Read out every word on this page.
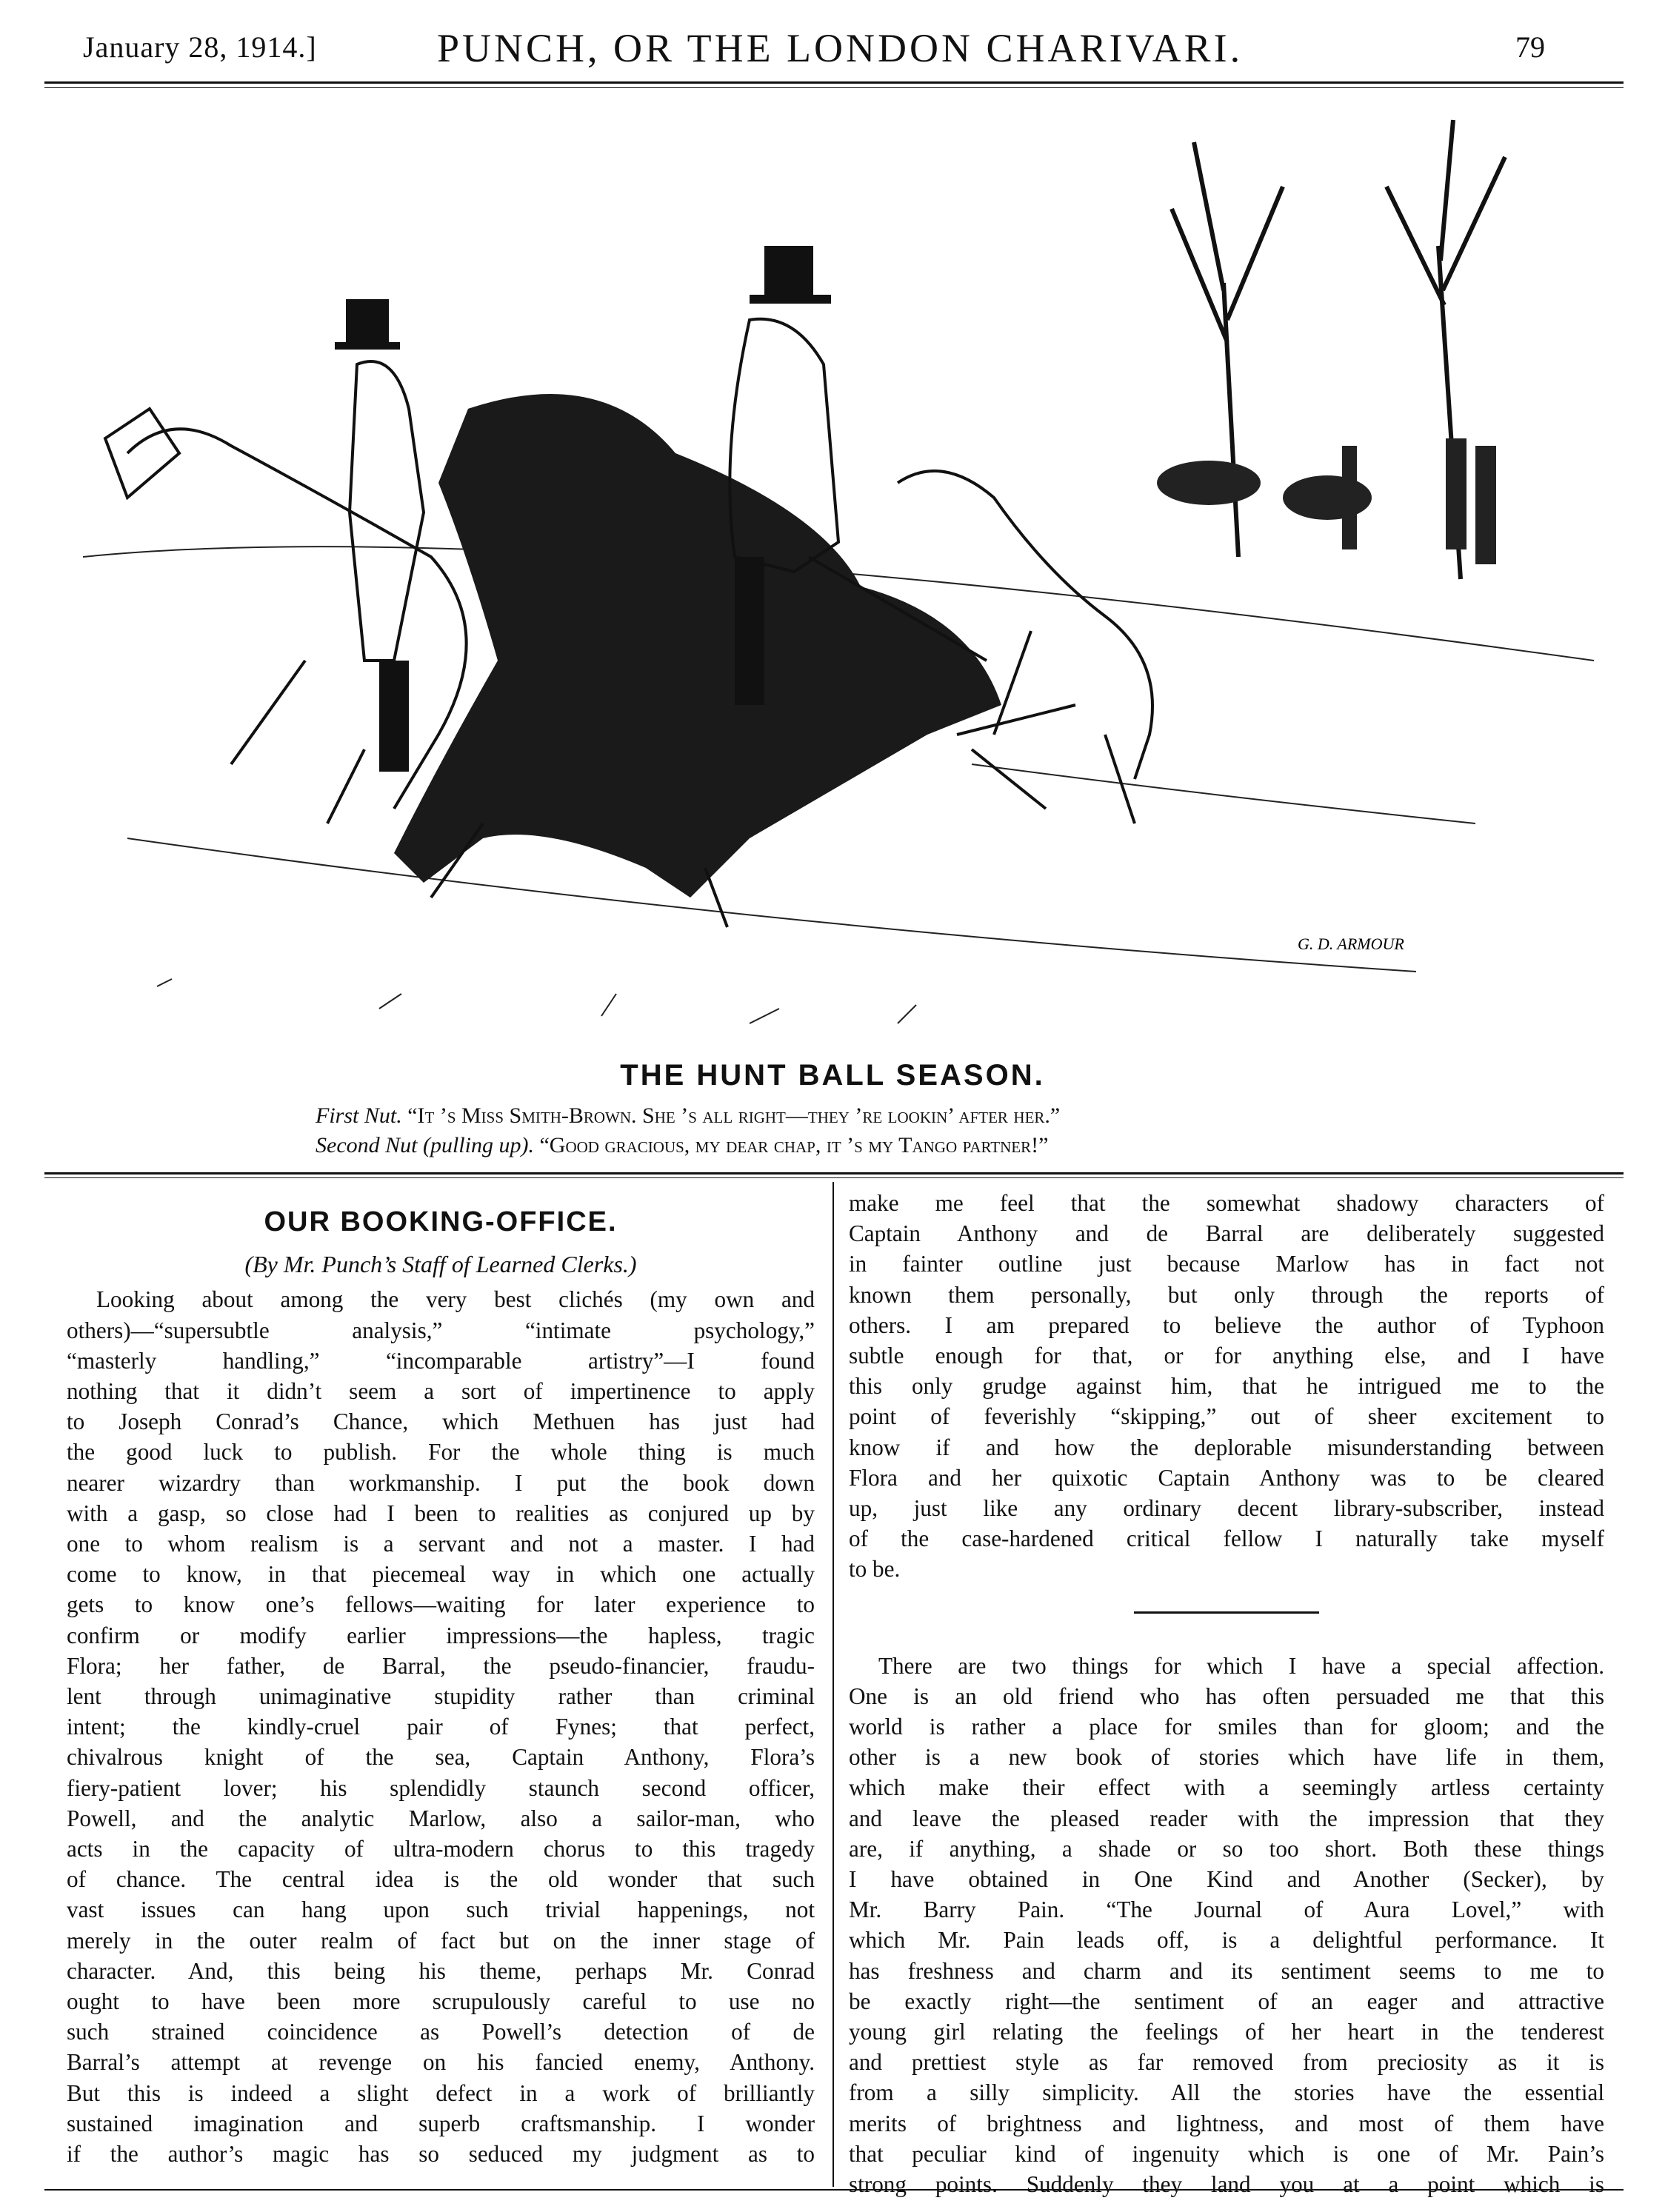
January 28, 1914.]	PUNCH, OR THE LONDON CHARIVARI.	79
G. D. ARMOUR
THE HUNT BALL SEASON.
First Nut. “It ’s Miss Smith-Brown. She ’s all right—they ’re lookin’ after her.”
Second Nut (pulling up). “Good gracious, my dear chap, it ’s my Tango partner!”
OUR BOOKING-OFFICE.
(By Mr. Punch’s Staff of Learned Clerks.)
Looking about among the very best clichés (my own and
others)—“supersubtle analysis,” “intimate psychology,”
“masterly handling,” “incomparable artistry”—I found
nothing that it didn’t seem a sort of impertinence to apply
to Joseph Conrad’s Chance, which Methuen has just had
the good luck to publish. For the whole thing is much
nearer wizardry than workmanship. I put the book down
with a gasp, so close had I been to realities as conjured up by
one to whom realism is a servant and not a master. I had
come to know, in that piecemeal way in which one actually
gets to know one’s fellows—waiting for later experience to
confirm or modify earlier impressions—the hapless, tragic
Flora; her father, de Barral, the pseudo-financier, fraudu-
lent through unimaginative stupidity rather than criminal
intent; the kindly-cruel pair of Fynes; that perfect,
chivalrous knight of the sea, Captain Anthony, Flora’s
fiery-patient lover; his splendidly staunch second officer,
Powell, and the analytic Marlow, also a sailor-man, who
acts in the capacity of ultra-modern chorus to this tragedy
of chance. The central idea is the old wonder that such
vast issues can hang upon such trivial happenings, not
merely in the outer realm of fact but on the inner stage of
character. And, this being his theme, perhaps Mr. Conrad
ought to have been more scrupulously careful to use no
such strained coincidence as Powell’s detection of de
Barral’s attempt at revenge on his fancied enemy, Anthony.
But this is indeed a slight defect in a work of brilliantly
sustained imagination and superb craftsmanship. I wonder
if the author’s magic has so seduced my judgment as to
make me feel that the somewhat shadowy characters of
Captain Anthony and de Barral are deliberately suggested
in fainter outline just because Marlow has in fact not
known them personally, but only through the reports of
others. I am prepared to believe the author of Typhoon
subtle enough for that, or for anything else, and I have
this only grudge against him, that he intrigued me to the
point of feverishly “skipping,” out of sheer excitement to
know if and how the deplorable misunderstanding between
Flora and her quixotic Captain Anthony was to be cleared
up, just like any ordinary decent library-subscriber, instead
of the case-hardened critical fellow I naturally take myself
to be.
There are two things for which I have a special affection.
One is an old friend who has often persuaded me that this
world is rather a place for smiles than for gloom; and the
other is a new book of stories which have life in them,
which make their effect with a seemingly artless certainty
and leave the pleased reader with the impression that they
are, if anything, a shade or so too short. Both these things
I have obtained in One Kind and Another (Secker), by
Mr. Barry Pain. “The Journal of Aura Lovel,” with
which Mr. Pain leads off, is a delightful performance. It
has freshness and charm and its sentiment seems to me to
be exactly right—the sentiment of an eager and attractive
young girl relating the feelings of her heart in the tenderest
and prettiest style as far removed from preciosity as it is
from a silly simplicity. All the stories have the essential
merits of brightness and lightness, and most of them have
that peculiar kind of ingenuity which is one of Mr. Pain’s
strong points. Suddenly they land you at a point which is
